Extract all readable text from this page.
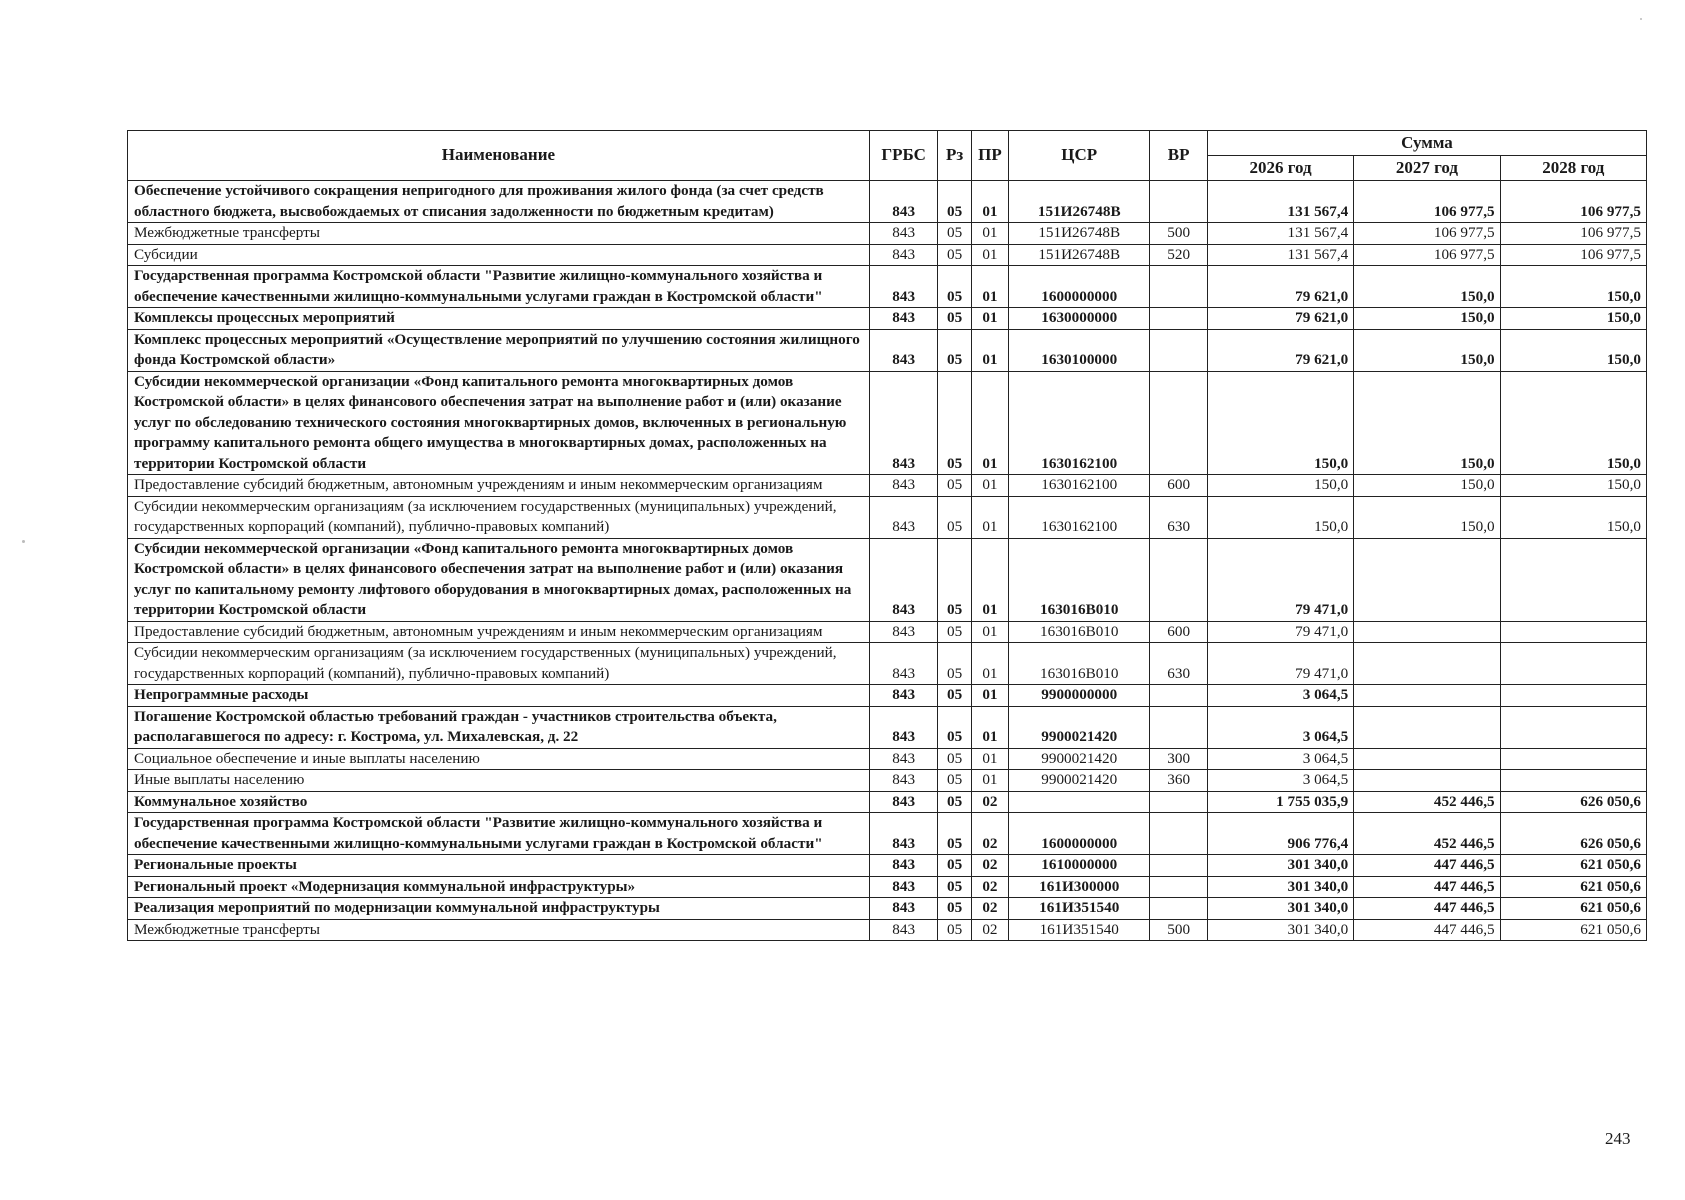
Наименование	ГРБС	Рз	ПР	ЦСР	ВР	Сумма		
						2026 год	2027 год	2028 год
Обеспечение устойчивого сокращения непригодного для проживания жилого фонда (за счет средств областного бюджета, высвобождаемых от списания задолженности по бюджетным кредитам)	843	05	01	151И26748В		131 567,4	106 977,5	106 977,5
Межбюджетные трансферты	843	05	01	151И26748В	500	131 567,4	106 977,5	106 977,5
Субсидии	843	05	01	151И26748В	520	131 567,4	106 977,5	106 977,5
Государственная программа Костромской области "Развитие жилищно-коммунального хозяйства и обеспечение качественными жилищно-коммунальными услугами граждан в Костромской области"	843	05	01	1600000000		79 621,0	150,0	150,0
Комплексы процессных мероприятий	843	05	01	1630000000		79 621,0	150,0	150,0
Комплекс процессных мероприятий «Осуществление мероприятий по улучшению состояния жилищного фонда Костромской области»	843	05	01	1630100000		79 621,0	150,0	150,0
Субсидии некоммерческой организации «Фонд капитального ремонта многоквартирных домов Костромской области» в целях финансового обеспечения затрат на выполнение работ и (или) оказание услуг по обследованию технического состояния многоквартирных домов, включенных в региональную программу капитального ремонта общего имущества в многоквартирных домах, расположенных на территории Костромской области	843	05	01	1630162100		150,0	150,0	150,0
Предоставление субсидий бюджетным, автономным учреждениям и иным некоммерческим организациям	843	05	01	1630162100	600	150,0	150,0	150,0
Субсидии некоммерческим организациям (за исключением государственных (муниципальных) учреждений, государственных корпораций (компаний), публично-правовых компаний)	843	05	01	1630162100	630	150,0	150,0	150,0
Субсидии некоммерческой организации «Фонд капитального ремонта многоквартирных домов Костромской области» в целях финансового обеспечения затрат на выполнение работ и (или) оказания услуг по капитальному ремонту лифтового оборудования в многоквартирных домах, расположенных на территории Костромской области	843	05	01	163016В010		79 471,0		
Предоставление субсидий бюджетным, автономным учреждениям и иным некоммерческим организациям	843	05	01	163016В010	600	79 471,0		
Субсидии некоммерческим организациям (за исключением государственных (муниципальных) учреждений, государственных корпораций (компаний), публично-правовых компаний)	843	05	01	163016В010	630	79 471,0		
Непрограммные расходы	843	05	01	9900000000		3 064,5		
Погашение Костромской областью требований граждан - участников строительства объекта, располагавшегося по адресу: г. Кострома, ул. Михалевская, д. 22	843	05	01	9900021420		3 064,5		
Социальное обеспечение и иные выплаты населению	843	05	01	9900021420	300	3 064,5		
Иные выплаты населению	843	05	01	9900021420	360	3 064,5		
Коммунальное хозяйство	843	05	02			1 755 035,9	452 446,5	626 050,6
Государственная программа Костромской области "Развитие жилищно-коммунального хозяйства и обеспечение качественными жилищно-коммунальными услугами граждан в Костромской области"	843	05	02	1600000000		906 776,4	452 446,5	626 050,6
Региональные проекты	843	05	02	1610000000		301 340,0	447 446,5	621 050,6
Региональный проект «Модернизация коммунальной инфраструктуры»	843	05	02	161И300000		301 340,0	447 446,5	621 050,6
Реализация мероприятий по модернизации коммунальной инфраструктуры	843	05	02	161И351540		301 340,0	447 446,5	621 050,6
Межбюджетные трансферты	843	05	02	161И351540	500	301 340,0	447 446,5	621 050,6
243
